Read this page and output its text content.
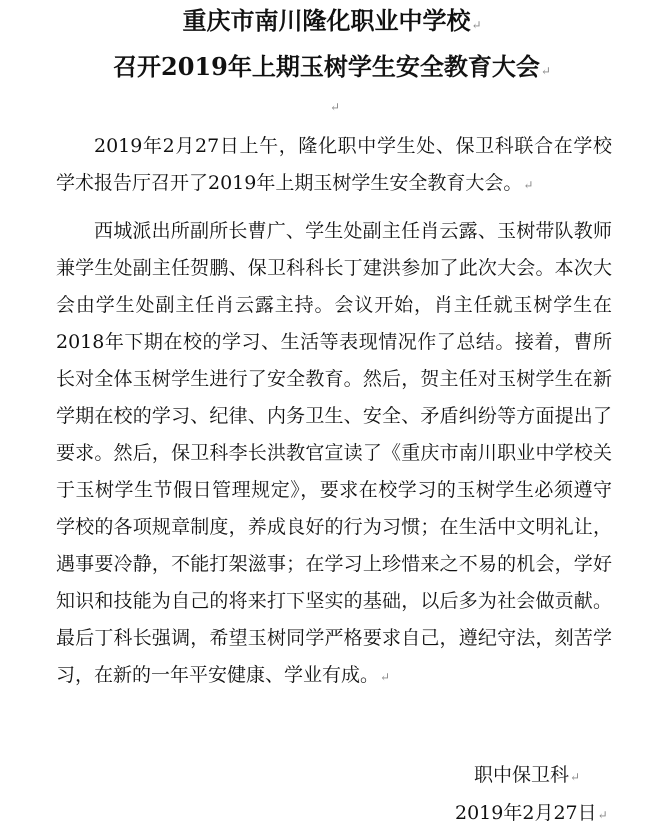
重庆市南川隆化职业中学校↵
召开2019年上期玉树学生安全教育大会↵
↵

2019年2月27日上午，隆化职中学生处、保卫科联合在学校学术报告厅召开了2019年上期玉树学生安全教育大会。↵

西城派出所副所长曹广、学生处副主任肖云露、玉树带队教师兼学生处副主任贺鹏、保卫科科长丁建洪参加了此次大会。本次大会由学生处副主任肖云露主持。会议开始，肖主任就玉树学生在2018年下期在校的学习、生活等表现情况作了总结。接着，曹所长对全体玉树学生进行了安全教育。然后，贺主任对玉树学生在新学期在校的学习、纪律、内务卫生、安全、矛盾纠纷等方面提出了要求。然后，保卫科李长洪教官宣读了《重庆市南川职业中学校关于玉树学生节假日管理规定》，要求在校学习的玉树学生必须遵守学校的各项规章制度，养成良好的行为习惯；在生活中文明礼让，遇事要冷静，不能打架滋事；在学习上珍惜来之不易的机会，学好知识和技能为自己的将来打下坚实的基础，以后多为社会做贡献。最后丁科长强调，希望玉树同学严格要求自己，遵纪守法，刻苦学习，在新的一年平安健康、学业有成。↵

职中保卫科↵
2019年2月27日↵
